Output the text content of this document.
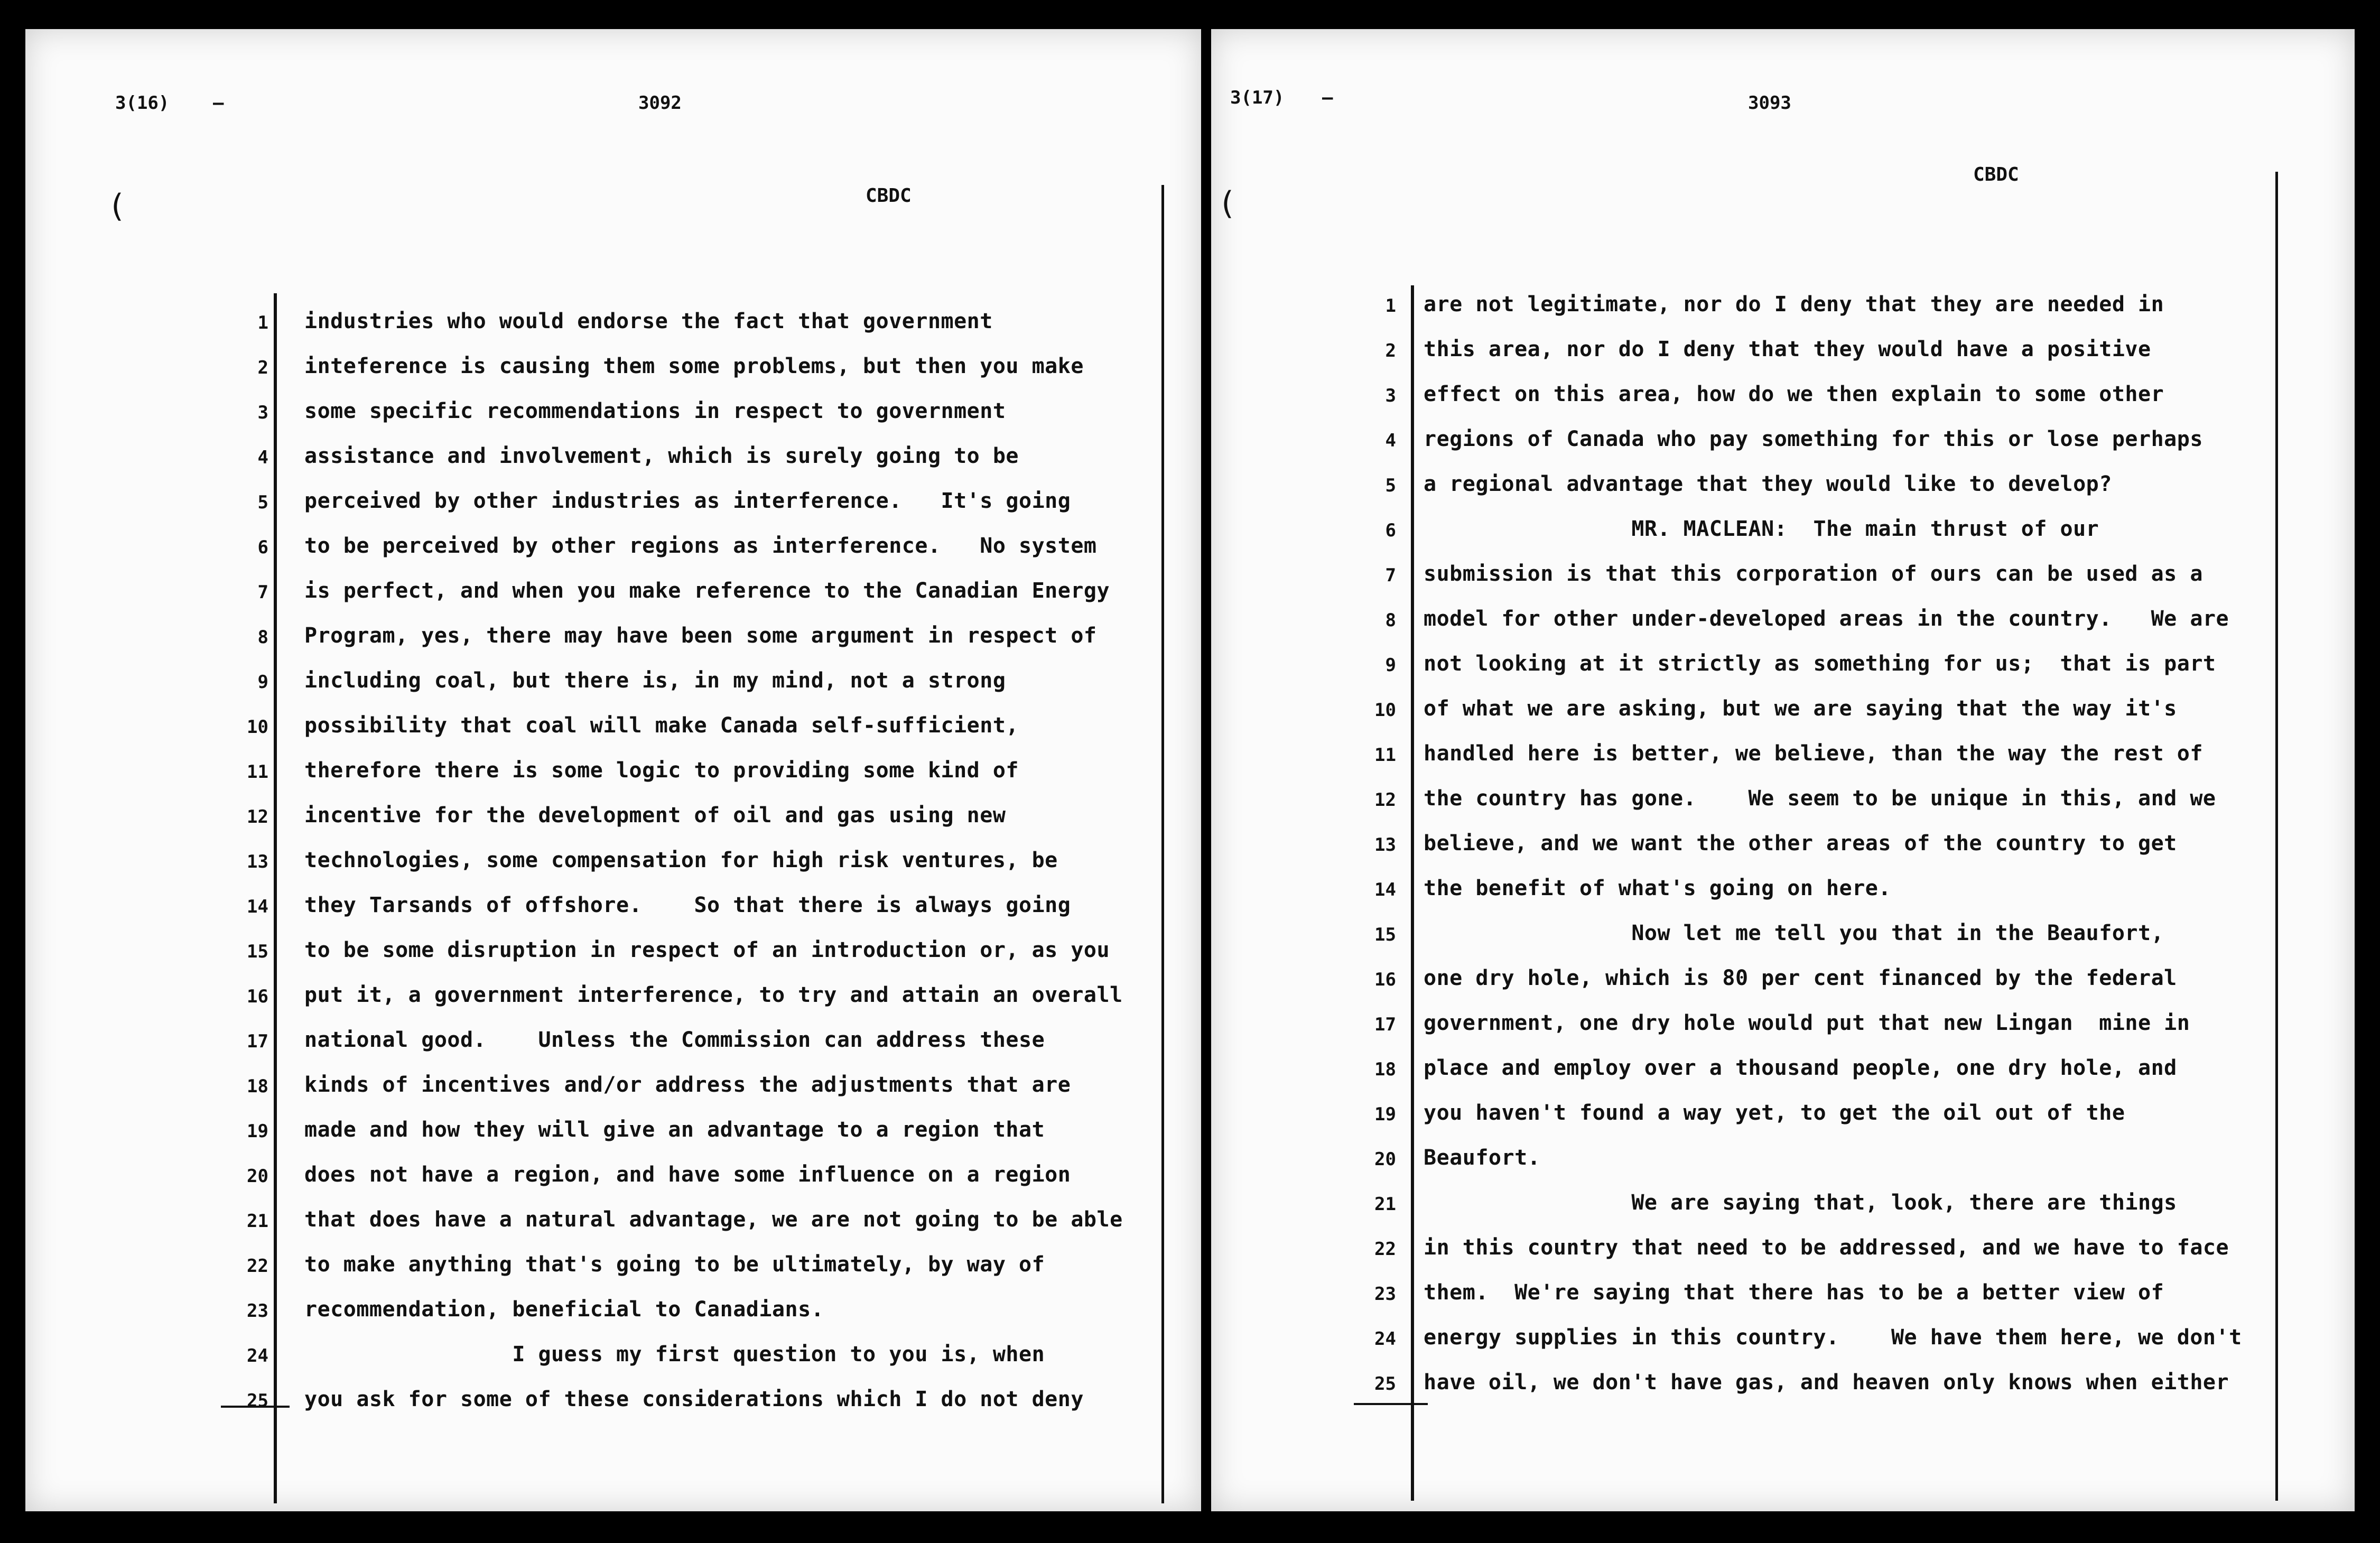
3(16) —	3092
(	CBDC
1 industries who would endorse the fact that government
2 inteference is causing them some problems, but then you make
3 some specific recommendations in respect to government
4 assistance and involvement, which is surely going to be
5 perceived by other industries as interference.   It's going
6 to be perceived by other regions as interference.   No system
7 is perfect, and when you make reference to the Canadian Energy
8 Program, yes, there may have been some argument in respect of
9 including coal, but there is, in my mind, not a strong
10 possibility that coal will make Canada self-sufficient,
11 therefore there is some logic to providing some kind of
12 incentive for the development of oil and gas using new
13 technologies, some compensation for high risk ventures, be
14 they Tarsands of offshore.    So that there is always going
15 to be some disruption in respect of an introduction or, as you
16 put it, a government interference, to try and attain an overall
17 national good.    Unless the Commission can address these
18 kinds of incentives and/or address the adjustments that are
19 made and how they will give an advantage to a region that
20 does not have a region, and have some influence on a region
21 that does have a natural advantage, we are not going to be able
22 to make anything that's going to be ultimately, by way of
23 recommendation, beneficial to Canadians.
24 I guess my first question to you is, when
25 you ask for some of these considerations which I do not deny
3(17) —	3093
(
CBDC
1 are not legitimate, nor do I deny that they are needed in
2 this area, nor do I deny that they would have a positive
3 effect on this area, how do we then explain to some other
4 regions of Canada who pay something for this or lose perhaps
5 a regional advantage that they would like to develop?
6 MR. MACLEAN:  The main thrust of our
7 submission is that this corporation of ours can be used as a
8 model for other under-developed areas in the country.   We are
9 not looking at it strictly as something for us;  that is part
10 of what we are asking, but we are saying that the way it's
11 handled here is better, we believe, than the way the rest of
12 the country has gone.    We seem to be unique in this, and we
13 believe, and we want the other areas of the country to get
14 the benefit of what's going on here.
15 Now let me tell you that in the Beaufort,
16 one dry hole, which is 80 per cent financed by the federal
17 government, one dry hole would put that new Lingan  mine in
18 place and employ over a thousand people, one dry hole, and
19 you haven't found a way yet, to get the oil out of the
20 Beaufort.
21 We are saying that, look, there are things
22 in this country that need to be addressed, and we have to face
23 them.  We're saying that there has to be a better view of
24 energy supplies in this country.    We have them here, we don't
25 have oil, we don't have gas, and heaven only knows when either
